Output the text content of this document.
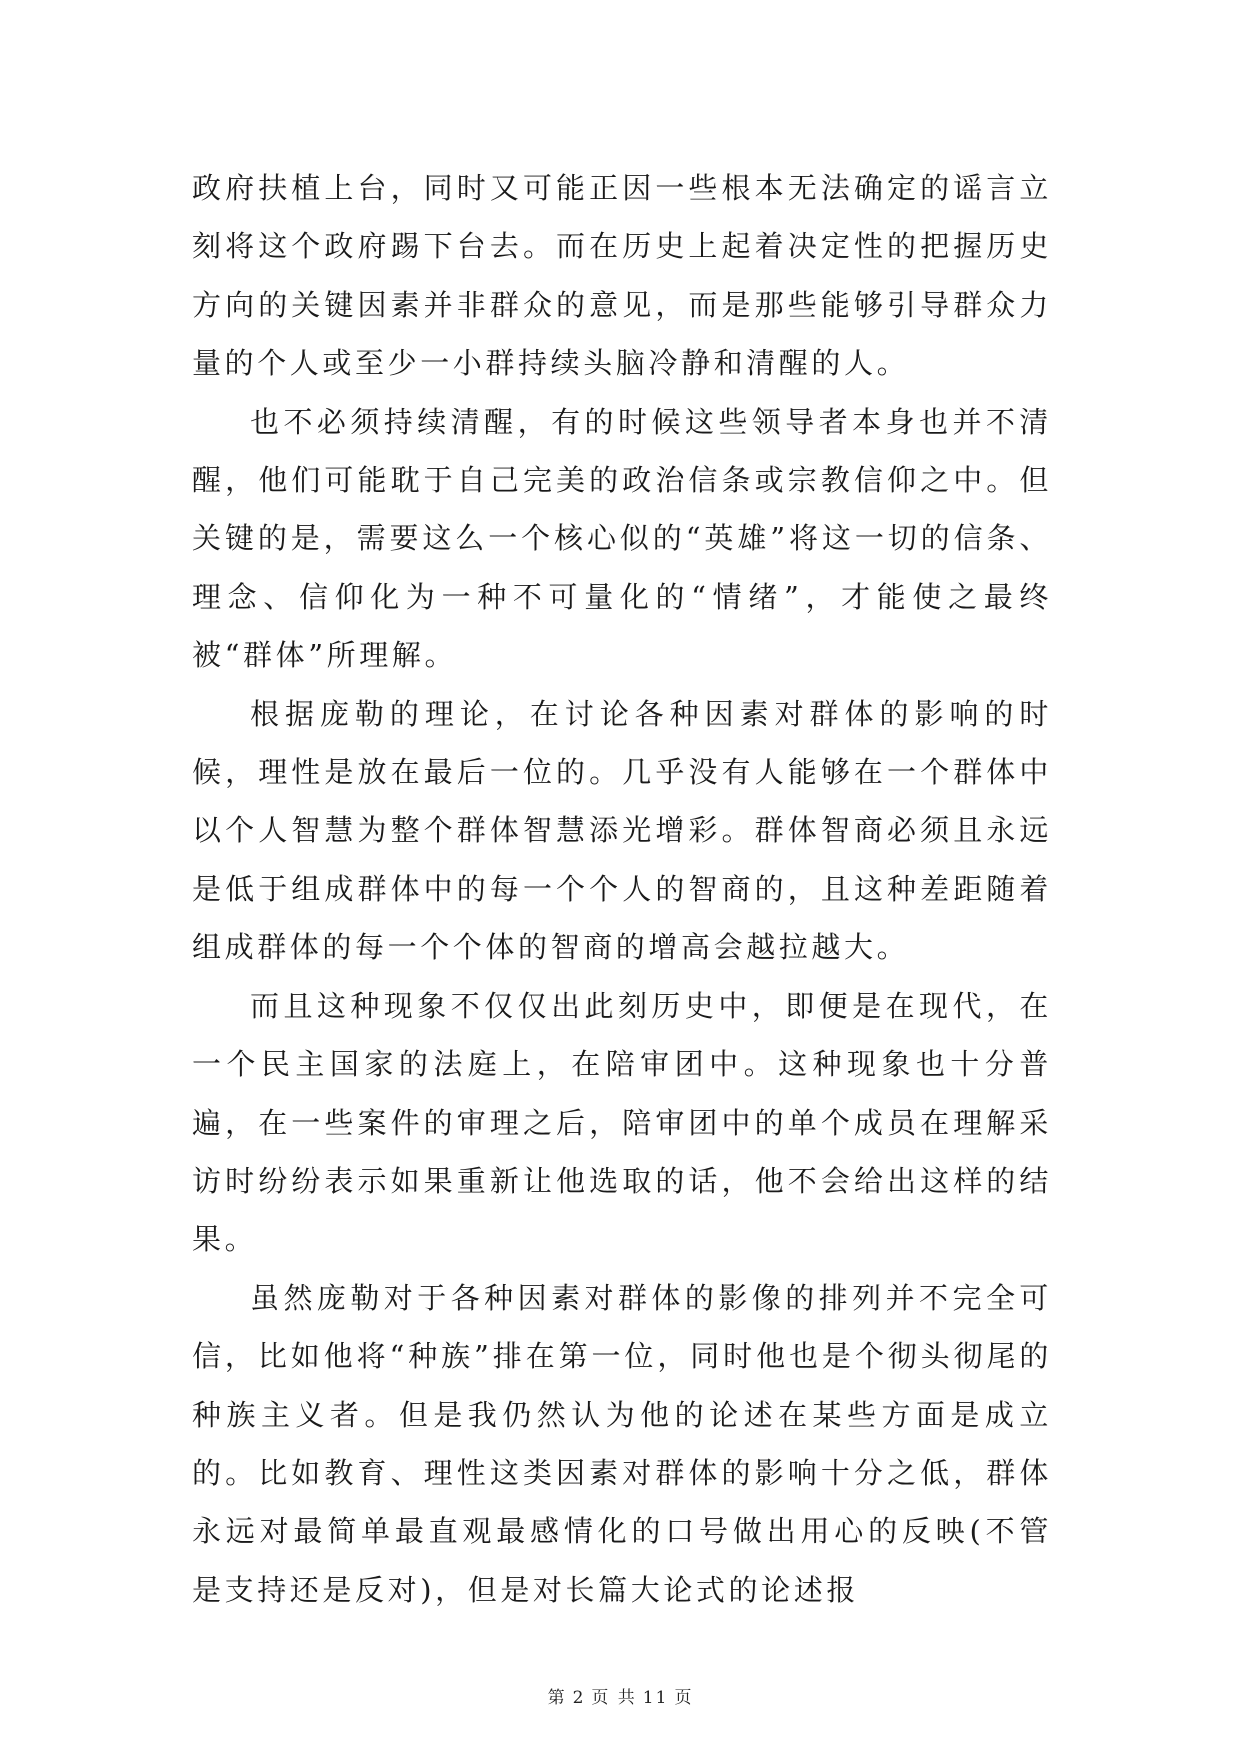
政府扶植上台，同时又可能正因一些根本无法确定的谣言立刻将这个政府踢下台去。而在历史上起着决定性的把握历史方向的关键因素并非群众的意见，而是那些能够引导群众力量的个人或至少一小群持续头脑冷静和清醒的人。

也不必须持续清醒，有的时候这些领导者本身也并不清醒，他们可能耽于自己完美的政治信条或宗教信仰之中。但关键的是，需要这么一个核心似的“英雄”将这一切的信条、理念、信仰化为一种不可量化的“情绪”，才能使之最终被“群体”所理解。

根据庞勒的理论，在讨论各种因素对群体的影响的时候，理性是放在最后一位的。几乎没有人能够在一个群体中以个人智慧为整个群体智慧添光增彩。群体智商必须且永远是低于组成群体中的每一个个人的智商的，且这种差距随着组成群体的每一个个体的智商的增高会越拉越大。

而且这种现象不仅仅出此刻历史中，即便是在现代，在一个民主国家的法庭上，在陪审团中。这种现象也十分普遍，在一些案件的审理之后，陪审团中的单个成员在理解采访时纷纷表示如果重新让他选取的话，他不会给出这样的结果。

虽然庞勒对于各种因素对群体的影像的排列并不完全可信，比如他将“种族”排在第一位，同时他也是个彻头彻尾的种族主义者。但是我仍然认为他的论述在某些方面是成立的。比如教育、理性这类因素对群体的影响十分之低，群体永远对最简单最直观最感情化的口号做出用心的反映(不管是支持还是反对)，但是对长篇大论式的论述报

第 2 页 共 11 页
